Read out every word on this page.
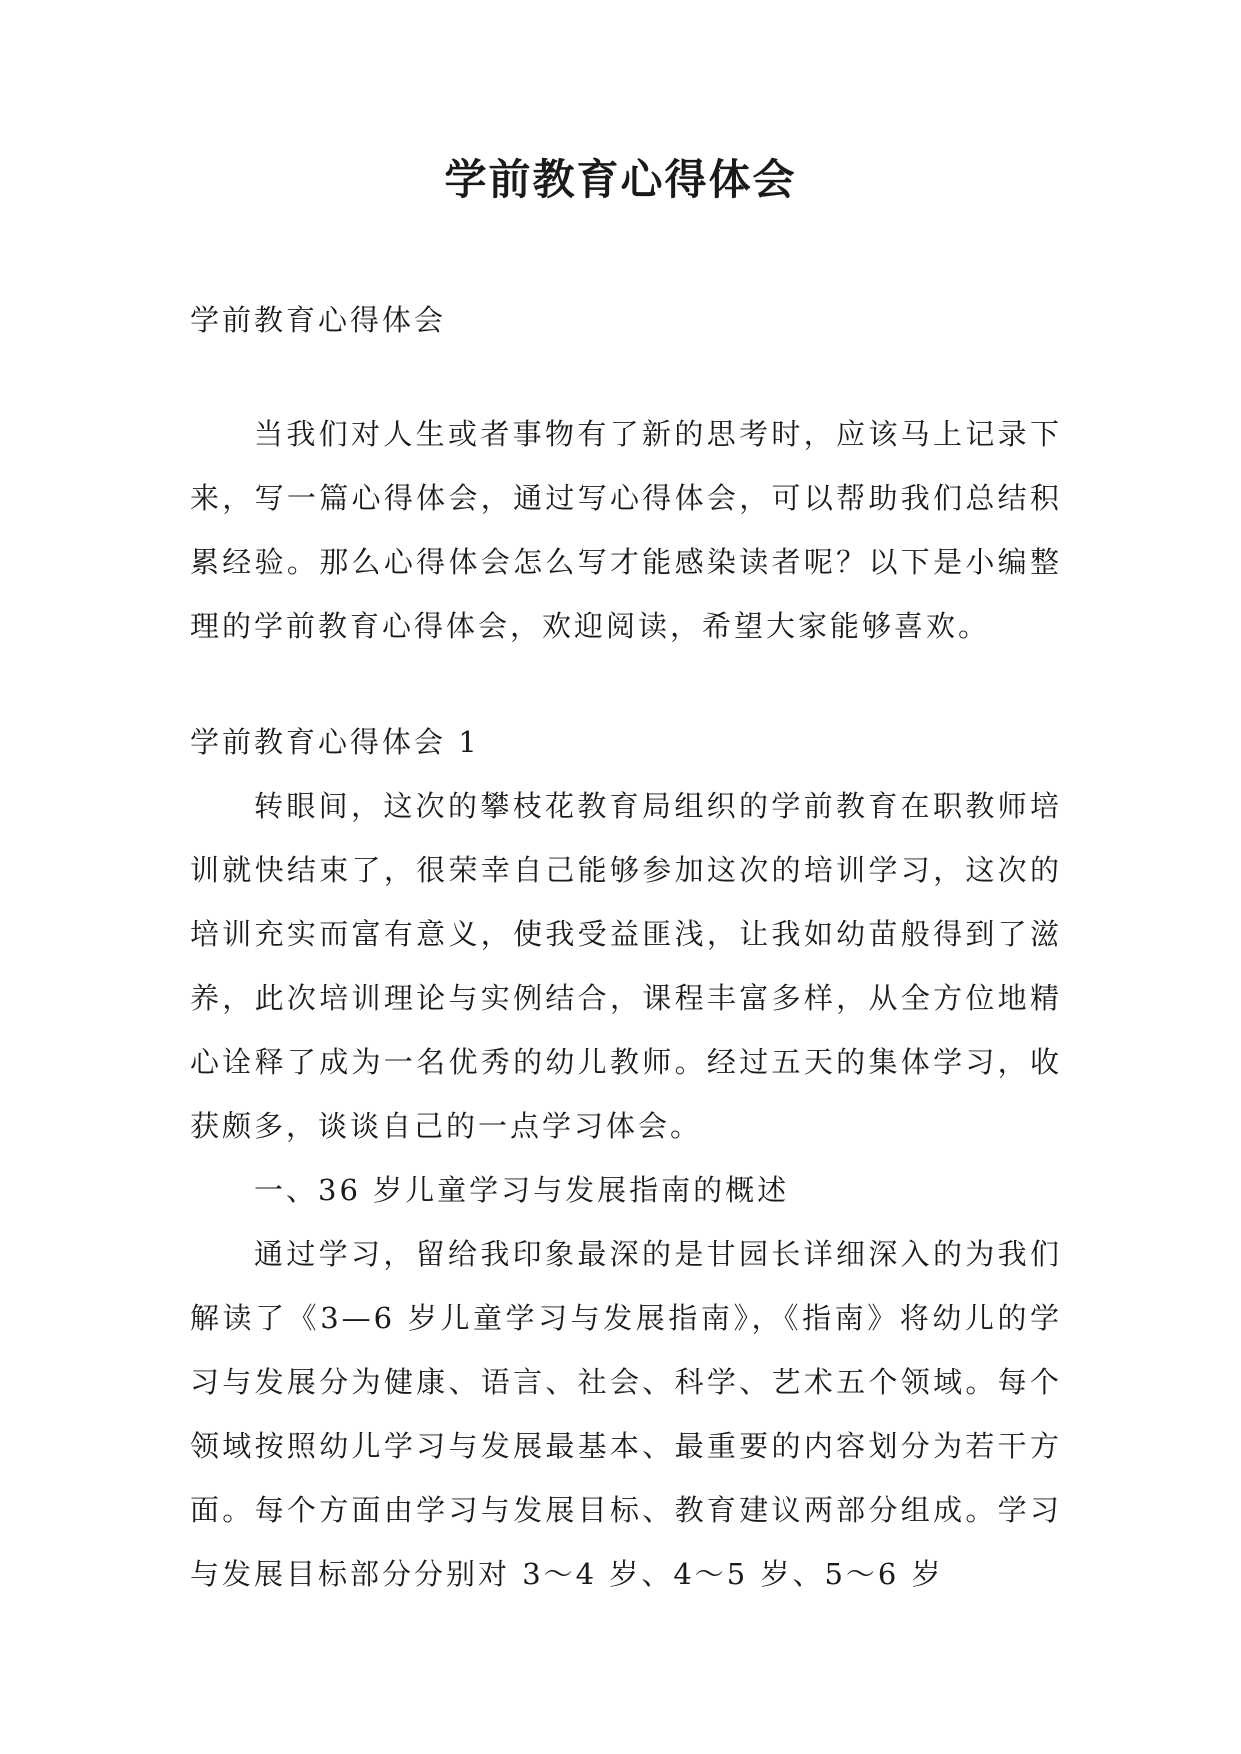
学前教育心得体会

学前教育心得体会

当我们对人生或者事物有了新的思考时，应该马上记录下来，写一篇心得体会，通过写心得体会，可以帮助我们总结积累经验。那么心得体会怎么写才能感染读者呢？以下是小编整理的学前教育心得体会，欢迎阅读，希望大家能够喜欢。

学前教育心得体会 1

转眼间，这次的攀枝花教育局组织的学前教育在职教师培训就快结束了，很荣幸自己能够参加这次的培训学习，这次的培训充实而富有意义，使我受益匪浅，让我如幼苗般得到了滋养，此次培训理论与实例结合，课程丰富多样，从全方位地精心诠释了成为一名优秀的幼儿教师。经过五天的集体学习，收获颇多，谈谈自己的一点学习体会。

一、36 岁儿童学习与发展指南的概述

通过学习，留给我印象最深的是甘园长详细深入的为我们解读了《3—6 岁儿童学习与发展指南》，《指南》将幼儿的学习与发展分为健康、语言、社会、科学、艺术五个领域。每个领域按照幼儿学习与发展最基本、最重要的内容划分为若干方面。每个方面由学习与发展目标、教育建议两部分组成。学习与发展目标部分分别对 3～4 岁、4～5 岁、5～6 岁
